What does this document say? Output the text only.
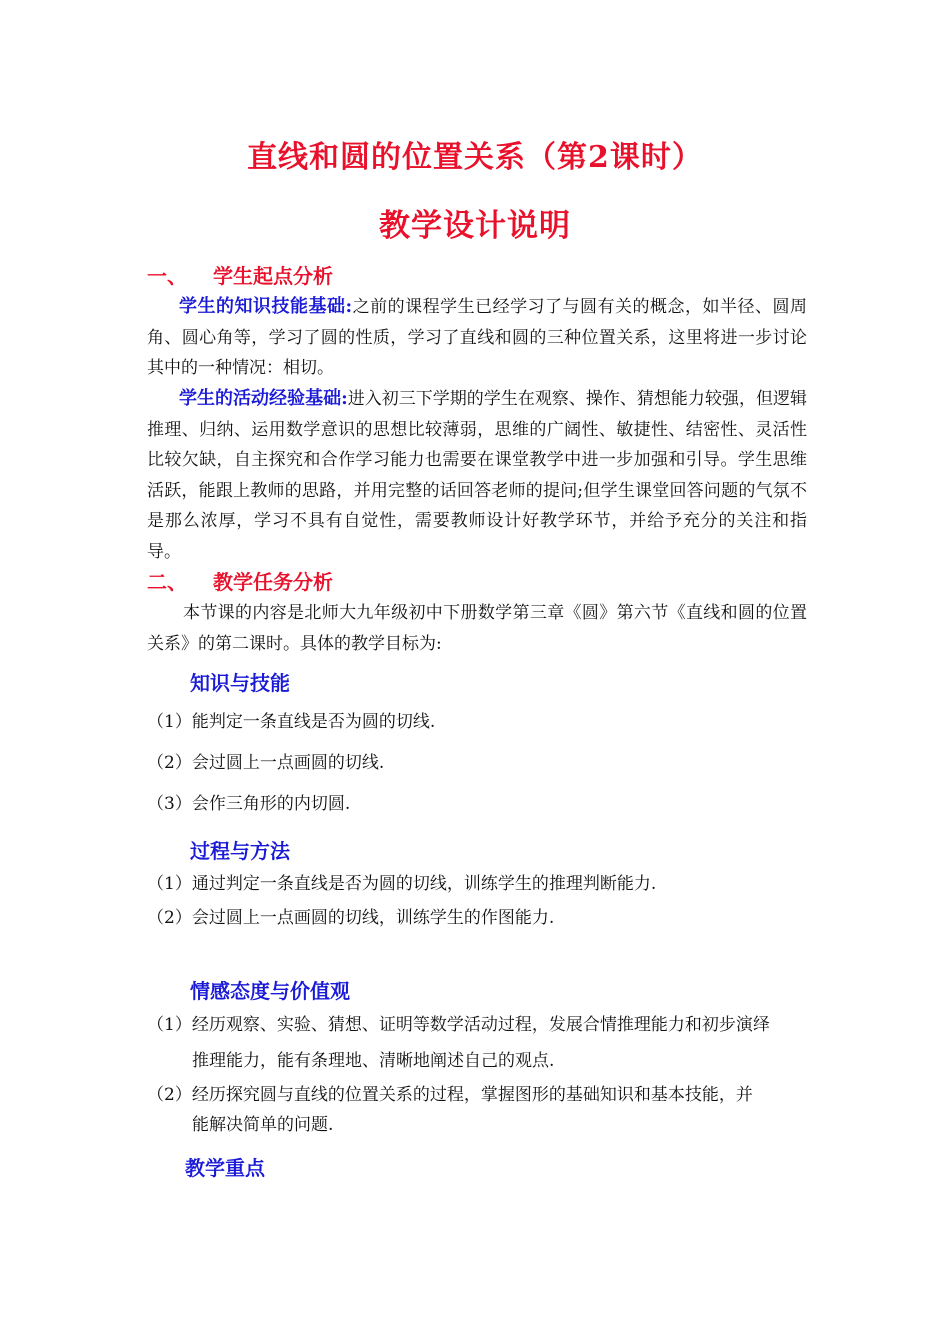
直线和圆的位置关系（第2课时）
教学设计说明
一、 学生起点分析
学生的知识技能基础:之前的课程学生已经学习了与圆有关的概念，如半径、圆周角、圆心角等，学习了圆的性质，学习了直线和圆的三种位置关系，这里将进一步讨论其中的一种情况：相切。
学生的活动经验基础:进入初三下学期的学生在观察、操作、猜想能力较强，但逻辑推理、归纳、运用数学意识的思想比较薄弱，思维的广阔性、敏捷性、结密性、灵活性比较欠缺，自主探究和合作学习能力也需要在课堂教学中进一步加强和引导。学生思维活跃，能跟上教师的思路，并用完整的话回答老师的提问;但学生课堂回答问题的气氛不是那么浓厚，学习不具有自觉性，需要教师设计好教学环节，并给予充分的关注和指导。
二、 教学任务分析
本节课的内容是北师大九年级初中下册数学第三章《圆》第六节《直线和圆的位置关系》的第二课时。具体的教学目标为:
知识与技能
（1）能判定一条直线是否为圆的切线.
（2）会过圆上一点画圆的切线.
（3）会作三角形的内切圆.
过程与方法
（1）通过判定一条直线是否为圆的切线，训练学生的推理判断能力.
（2）会过圆上一点画圆的切线，训练学生的作图能力.
情感态度与价值观
（1）经历观察、实验、猜想、证明等数学活动过程，发展合情推理能力和初步演绎
推理能力，能有条理地、清晰地阐述自己的观点.
（2）经历探究圆与直线的位置关系的过程，掌握图形的基础知识和基本技能，并
能解决简单的问题.
教学重点
